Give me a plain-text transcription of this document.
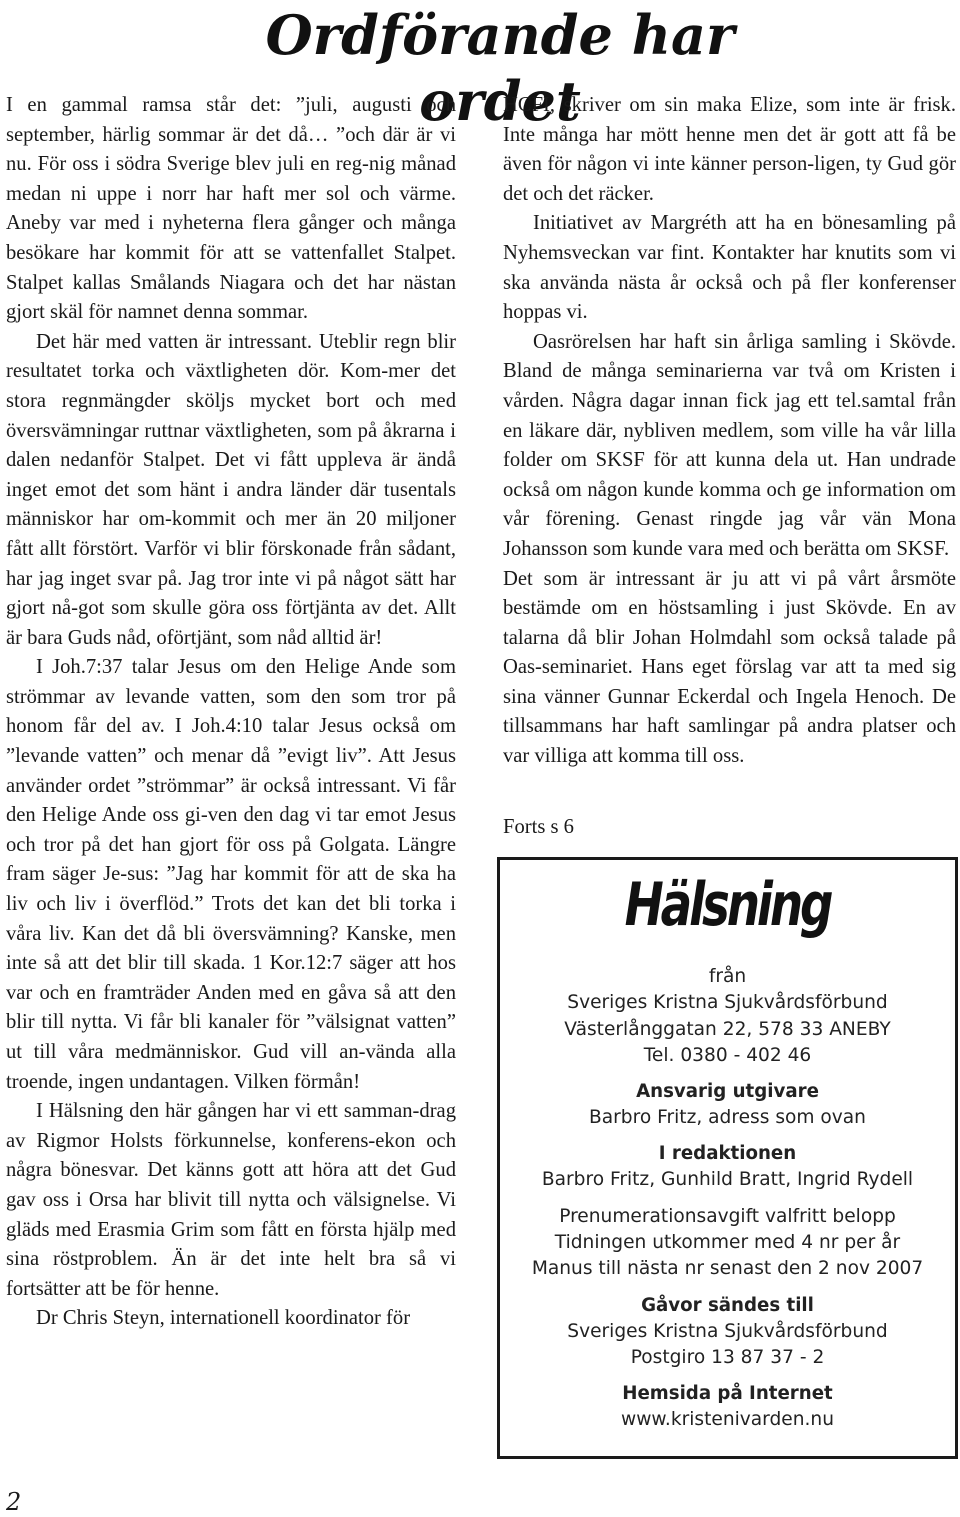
Ordförande har ordet

I en gammal ramsa står det: ”juli, augusti och september, härlig sommar är det då… ”och där är vi nu. För oss i södra Sverige blev juli en reg-nig månad medan ni uppe i norr har haft mer sol och värme. Aneby var med i nyheterna flera gånger och många besökare har kommit för att se vattenfallet Stalpet. Stalpet kallas Smålands Niagara och det har nästan gjort skäl för namnet denna sommar.

Det här med vatten är intressant. Uteblir regn blir resultatet torka och växtligheten dör. Kom-mer det stora regnmängder sköljs mycket bort och med översvämningar ruttnar växtligheten, som på åkrarna i dalen nedanför Stalpet. Det vi fått uppleva är ändå inget emot det som hänt i andra länder där tusentals människor har om-kommit och mer än 20 miljoner fått allt förstört. Varför vi blir förskonade från sådant, har jag inget svar på. Jag tror inte vi på något sätt har gjort nå-got som skulle göra oss förtjänta av det. Allt är bara Guds nåd, oförtjänt, som nåd alltid är!

I Joh.7:37 talar Jesus om den Helige Ande som strömmar av levande vatten, som den som tror på honom får del av. I Joh.4:10 talar Jesus också om ”levande vatten” och menar då ”evigt liv”. Att Jesus använder ordet ”strömmar” är också intressant. Vi får den Helige Ande oss gi-ven den dag vi tar emot Jesus och tror på det han gjort för oss på Golgata. Längre fram säger Je-sus: ”Jag har kommit för att de ska ha liv och liv i överflöd.” Trots det kan det bli torka i våra liv. Kan det då bli översvämning? Kanske, men inte så att det blir till skada. 1 Kor.12:7 säger att hos var och en framträder Anden med en gåva så att den blir till nytta. Vi får bli kanaler för ”välsignat vatten” ut till våra medmänniskor. Gud vill an-vända alla troende, ingen undantagen. Vilken förmån!

I Hälsning den här gången har vi ett samman-drag av Rigmor Holsts förkunnelse, konferens-ekon och några bönesvar. Det känns gott att höra att det Gud gav oss i Orsa har blivit till nytta och välsignelse. Vi gläds med Erasmia Grim som fått en första hjälp med sina röstproblem. Än är det inte helt bra så vi fortsätter att be för henne.

Dr Chris Steyn, internationell koordinator för

HCFI, skriver om sin maka Elize, som inte är frisk. Inte många har mött henne men det är gott att få be även för någon vi inte känner person-ligen, ty Gud gör det och det räcker.

Initiativet av Margréth att ha en bönesamling på Nyhemsveckan var fint. Kontakter har knutits som vi ska använda nästa år också och på fler konferenser hoppas vi.

Oasrörelsen har haft sin årliga samling i Skövde. Bland de många seminarierna var två om Kristen i vården. Några dagar innan fick jag ett tel.samtal från en läkare där, nybliven medlem, som ville ha vår lilla folder om SKSF för att kunna dela ut. Han undrade också om någon kunde komma och ge information om vår förening. Genast ringde jag vår vän Mona Johansson som kunde vara med och berätta om SKSF.

Det som är intressant är ju att vi på vårt årsmöte bestämde om en höstsamling i just Skövde. En av talarna då blir Johan Holmdahl som också talade på Oas-seminariet. Hans eget förslag var att ta med sig sina vänner Gunnar Eckerdal och Ingela Henoch. De tillsammans har haft samlingar på andra platser och var villiga att komma till oss.

Forts s 6
Hälsning

från

Sveriges Kristna Sjukvårdsförbund

Västerlånggatan 22, 578 33 ANEBY

Tel. 0380 - 402 46

Ansvarig utgivare

Barbro Fritz, adress som ovan

I redaktionen

Barbro Fritz, Gunhild Bratt, Ingrid Rydell

Prenumerationsavgift valfritt belopp

Tidningen utkommer med 4 nr per år

Manus till nästa nr senast den 2 nov 2007

Gåvor sändes till

Sveriges Kristna Sjukvårdsförbund

Postgiro 13 87 37 - 2

Hemsida på Internet

www.kristenivarden.nu

2
